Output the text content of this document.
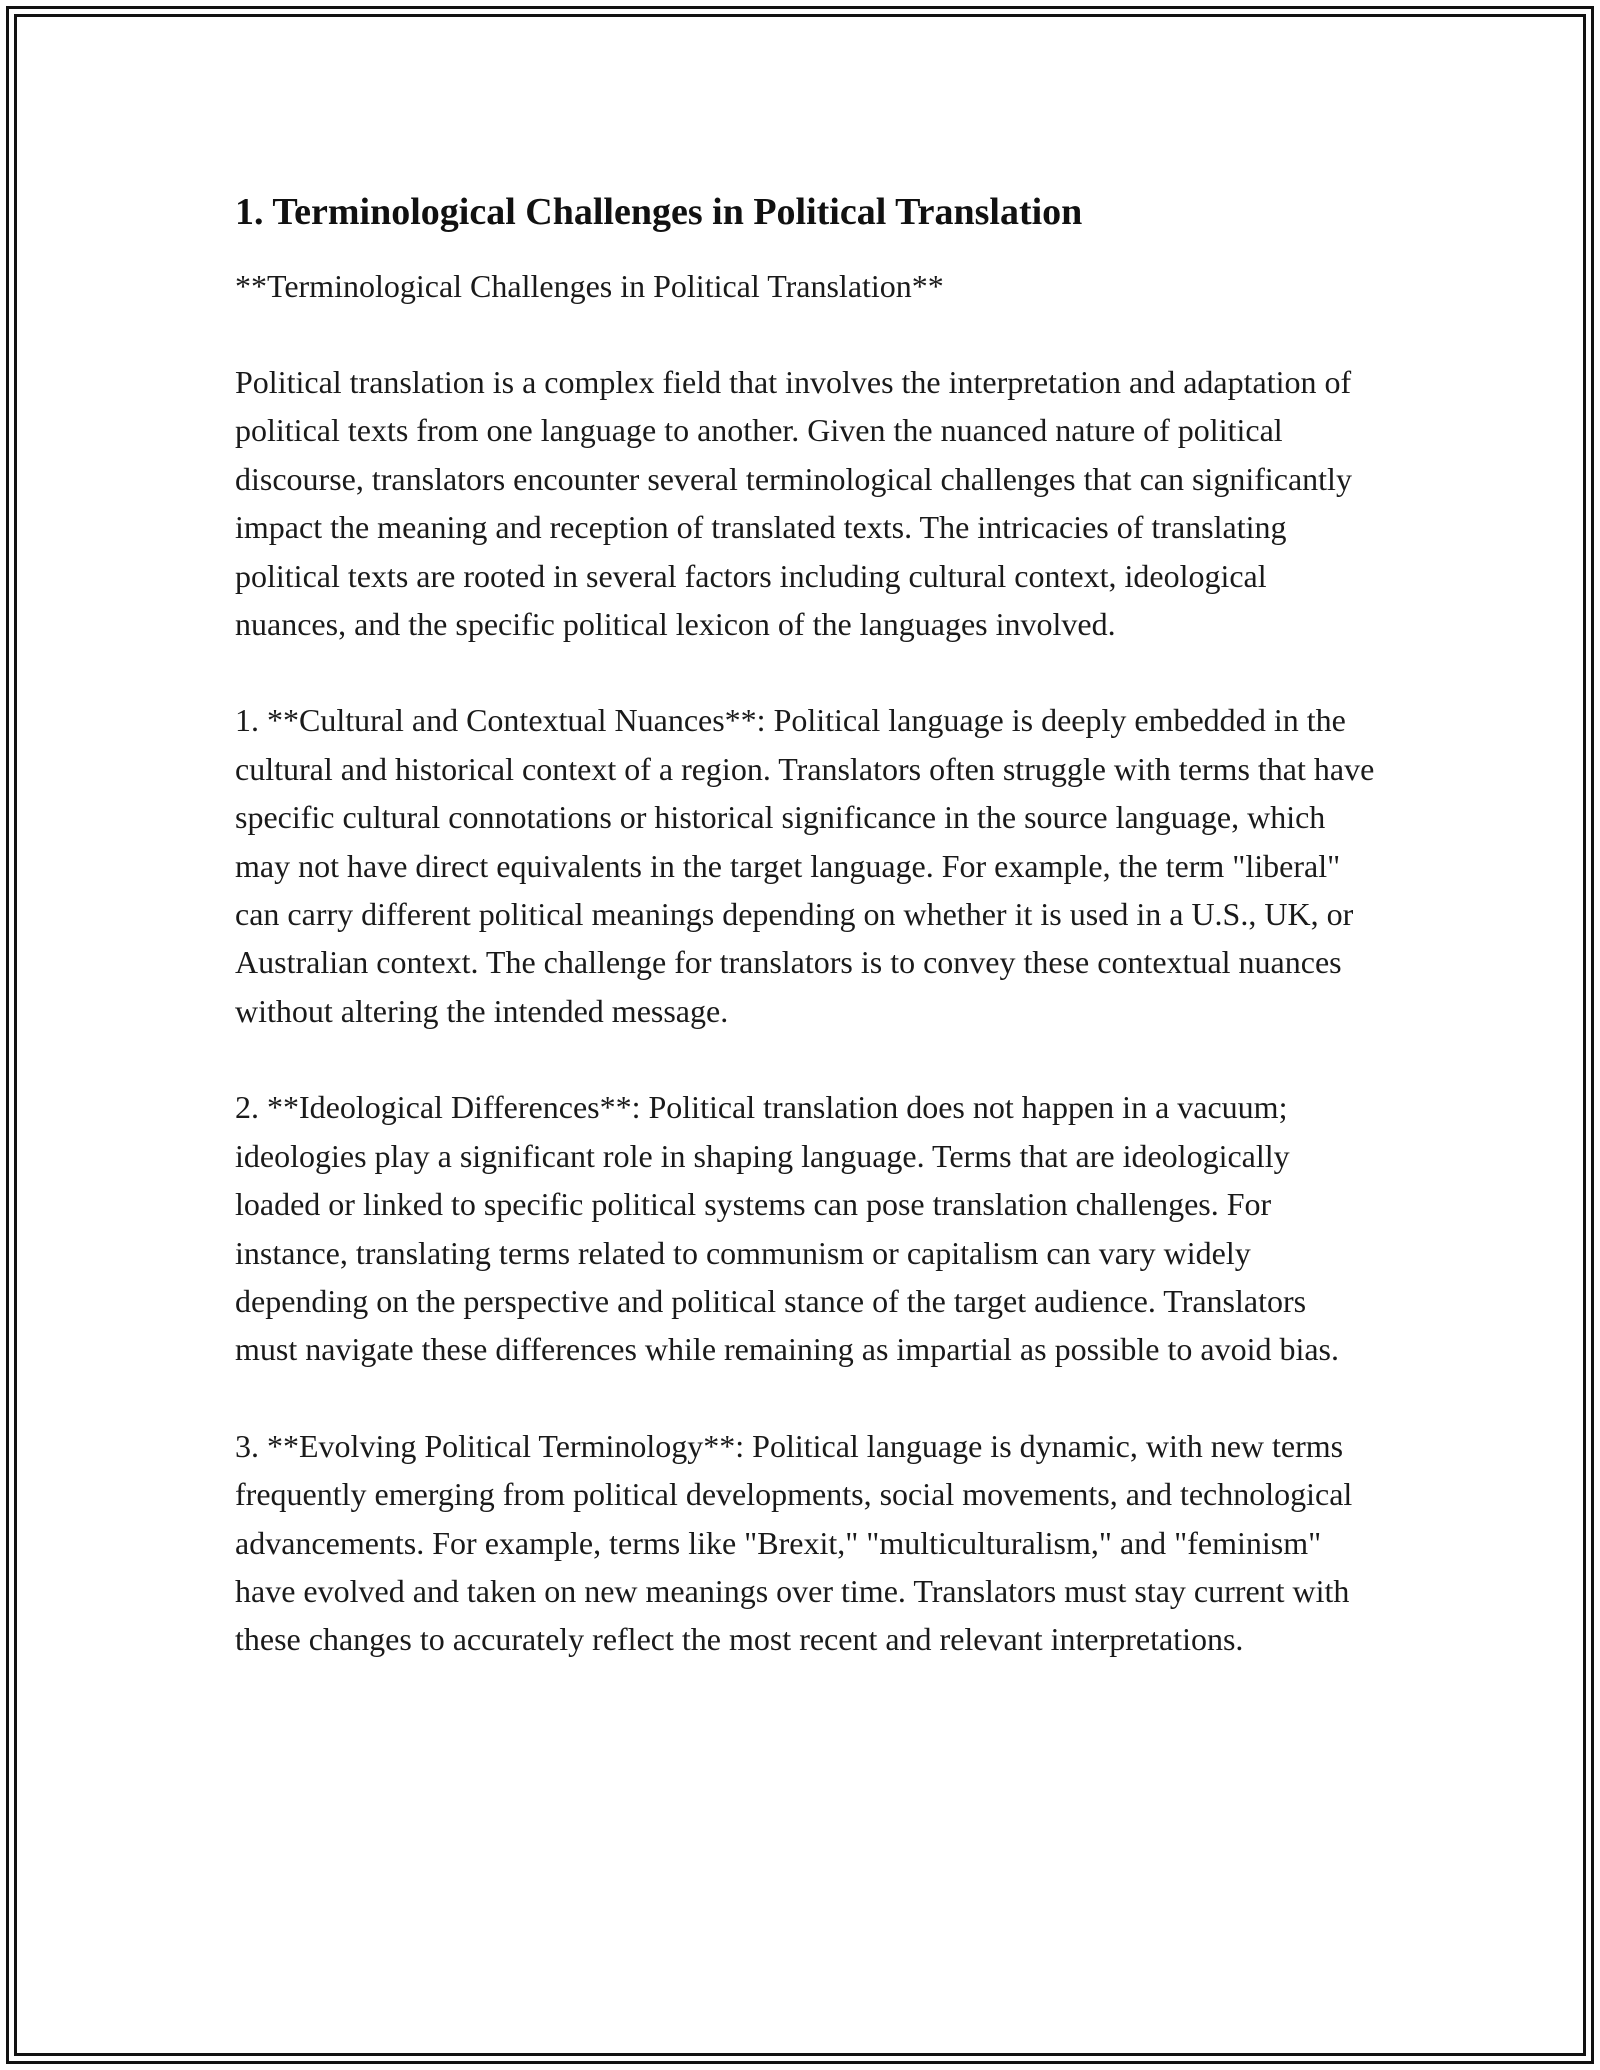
1. Terminological Challenges in Political Translation

**Terminological Challenges in Political Translation**

Political translation is a complex field that involves the interpretation and adaptation of political texts from one language to another. Given the nuanced nature of political discourse, translators encounter several terminological challenges that can significantly impact the meaning and reception of translated texts. The intricacies of translating political texts are rooted in several factors including cultural context, ideological nuances, and the specific political lexicon of the languages involved.

1. **Cultural and Contextual Nuances**: Political language is deeply embedded in the cultural and historical context of a region. Translators often struggle with terms that have specific cultural connotations or historical significance in the source language, which may not have direct equivalents in the target language. For example, the term "liberal" can carry different political meanings depending on whether it is used in a U.S., UK, or Australian context. The challenge for translators is to convey these contextual nuances without altering the intended message.

2. **Ideological Differences**: Political translation does not happen in a vacuum; ideologies play a significant role in shaping language. Terms that are ideologically loaded or linked to specific political systems can pose translation challenges. For instance, translating terms related to communism or capitalism can vary widely depending on the perspective and political stance of the target audience. Translators must navigate these differences while remaining as impartial as possible to avoid bias.

3. **Evolving Political Terminology**: Political language is dynamic, with new terms frequently emerging from political developments, social movements, and technological advancements. For example, terms like "Brexit," "multiculturalism," and "feminism" have evolved and taken on new meanings over time. Translators must stay current with these changes to accurately reflect the most recent and relevant interpretations.
